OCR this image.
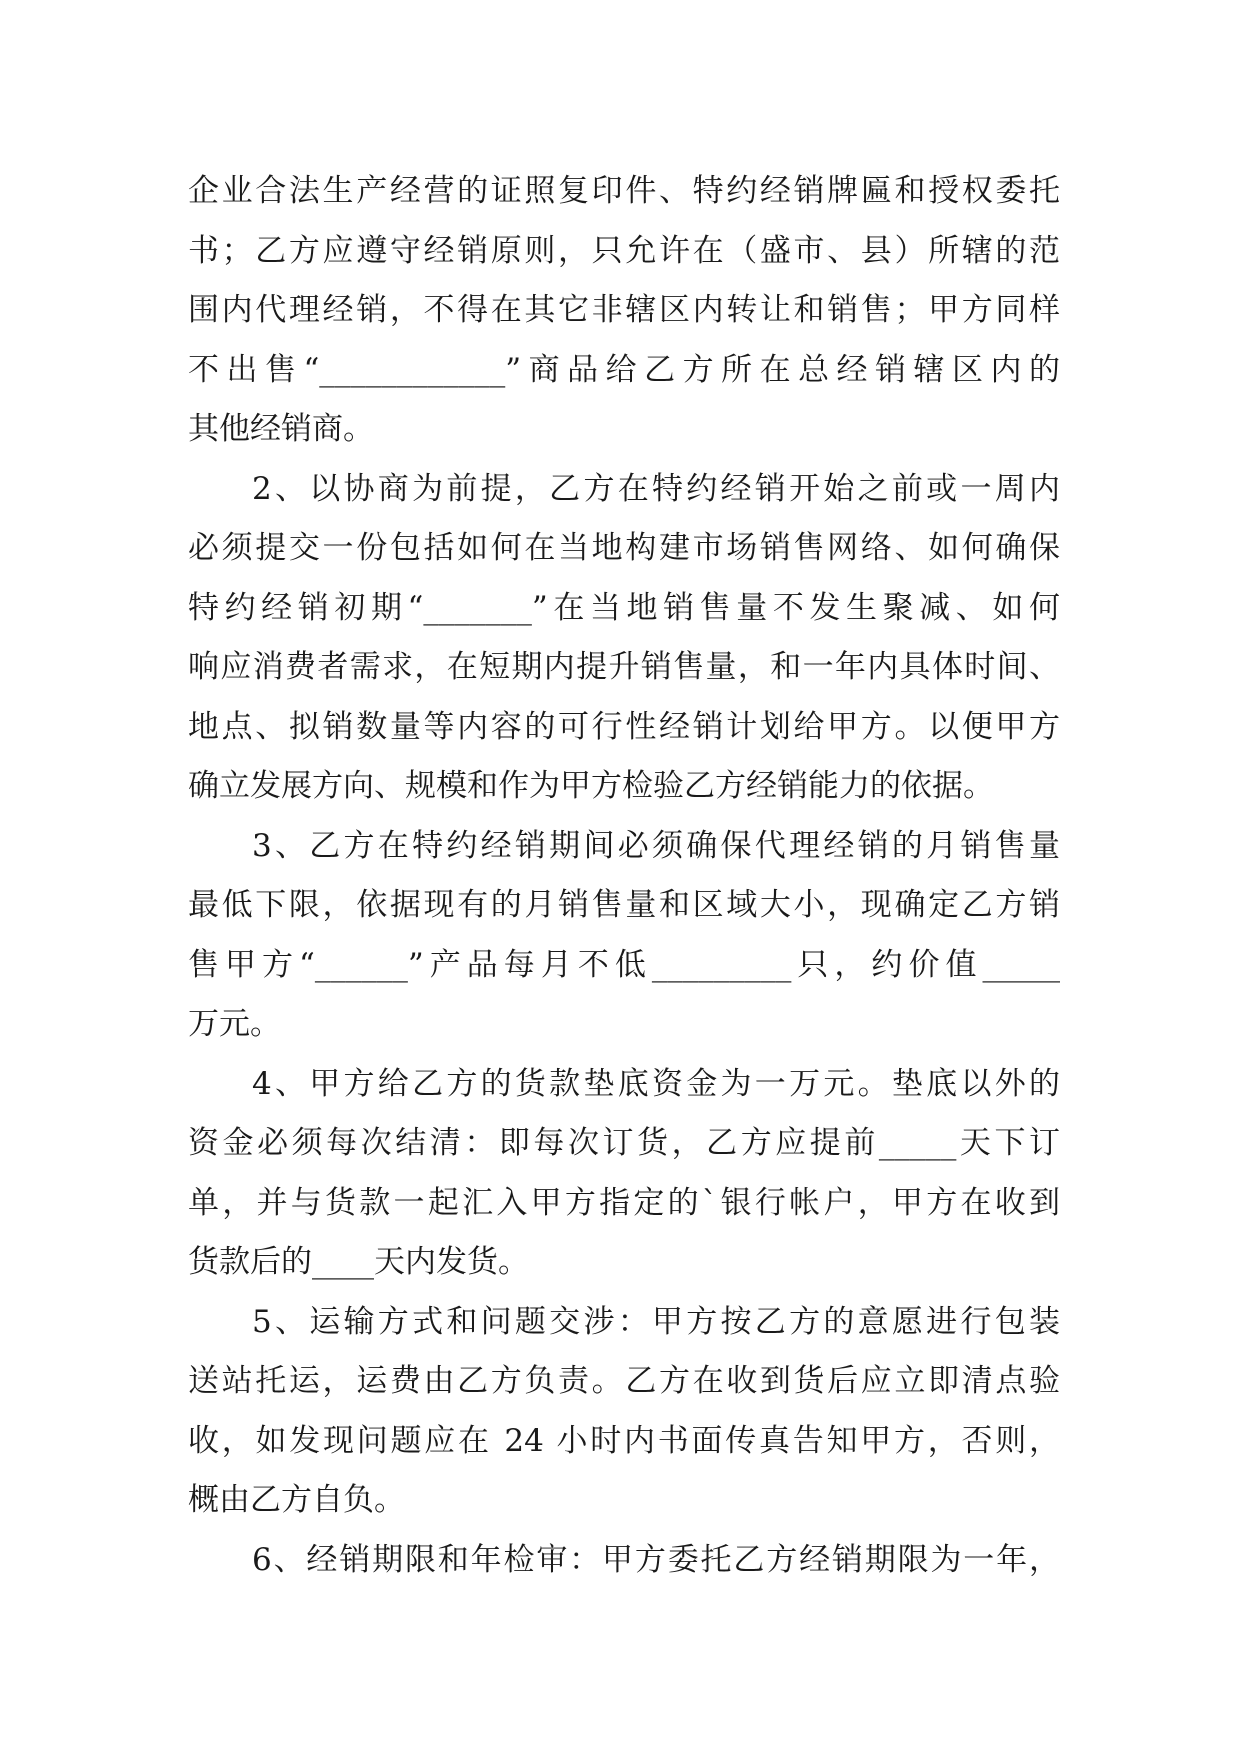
企业合法生产经营的证照复印件、特约经销牌匾和授权委托
书；乙方应遵守经销原则，只允许在（盛市、县）所辖的范
围内代理经销，不得在其它非辖区内转让和销售；甲方同样
不出售“____________”商品给乙方所在总经销辖区内的
其他经销商。
2、以协商为前提，乙方在特约经销开始之前或一周内
必须提交一份包括如何在当地构建市场销售网络、如何确保
特约经销初期“_______”在当地销售量不发生聚减、如何
响应消费者需求，在短期内提升销售量，和一年内具体时间、
地点、拟销数量等内容的可行性经销计划给甲方。以便甲方
确立发展方向、规模和作为甲方检验乙方经销能力的依据。
3、乙方在特约经销期间必须确保代理经销的月销售量
最低下限，依据现有的月销售量和区域大小，现确定乙方销
售甲方“______”产品每月不低_________只，约价值_____
万元。
4、甲方给乙方的货款垫底资金为一万元。垫底以外的
资金必须每次结清：即每次订货，乙方应提前_____天下订
单，并与货款一起汇入甲方指定的`银行帐户，甲方在收到
货款后的____天内发货。
5、运输方式和问题交涉：甲方按乙方的意愿进行包装
送站托运，运费由乙方负责。乙方在收到货后应立即清点验
收，如发现问题应在 24 小时内书面传真告知甲方，否则，
概由乙方自负。
6、经销期限和年检审：甲方委托乙方经销期限为一年，
